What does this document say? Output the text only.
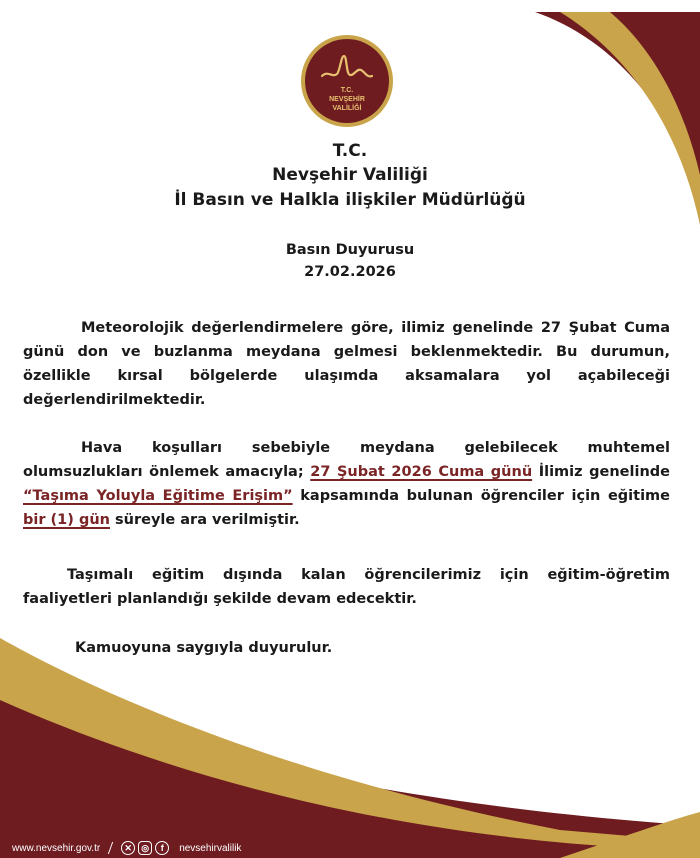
T.C.
NEVŞEHİR
VALİLİĞİ

T.C.

Nevşehir Valiliği

İl Basın ve Halkla ilişkiler Müdürlüğü

Basın Duyurusu

27.02.2026

Meteorolojik değerlendirmelere göre, ilimiz genelinde 27 Şubat Cuma günü don ve buzlanma meydana gelmesi beklenmektedir. Bu durumun, özellikle kırsal bölgelerde ulaşımda aksamalara yol açabileceği değerlendirilmektedir.

Hava koşulları sebebiyle meydana gelebilecek muhtemel olumsuzlukları önlemek amacıyla; 27 Şubat 2026 Cuma günü İlimiz genelinde “Taşıma Yoluyla Eğitime Erişim” kapsamında bulunan öğrenciler için eğitime bir (1) gün süreyle ara verilmiştir.

Taşımalı eğitim dışında kalan öğrencilerimiz için eğitim-öğretim faaliyetleri planlandığı şekilde devam edecektir.

Kamuoyuna saygıyla duyurulur.

www.nevsehir.gov.tr	✕	◎	f	nevsehirvalilik
